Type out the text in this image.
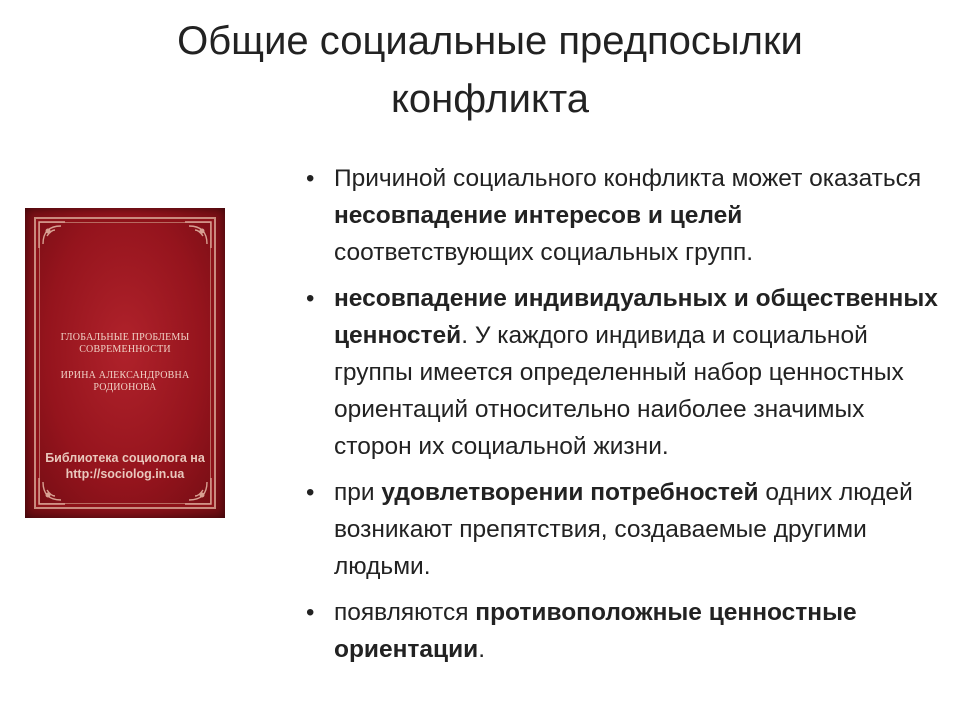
Общие социальные предпосылки
конфликта
ГЛОБАЛЬНЫЕ ПРОБЛЕМЫ
СОВРЕМЕННОСТИ
ИРИНА АЛЕКСАНДРОВНА
РОДИОНОВА
Библиотека социолога на
http://sociolog.in.ua
• Причиной социального конфликта может оказаться несовпадение интересов и целей соответствующих социальных групп.
• несовпадение индивидуальных и общественных ценностей. У каждого индивида и социальной группы имеется определенный набор ценностных ориентаций относительно наиболее значимых сторон их социальной жизни.
• при удовлетворении потребностей одних людей возникают препятствия, создаваемые другими людьми.
• появляются противоположные ценностные ориентации.
